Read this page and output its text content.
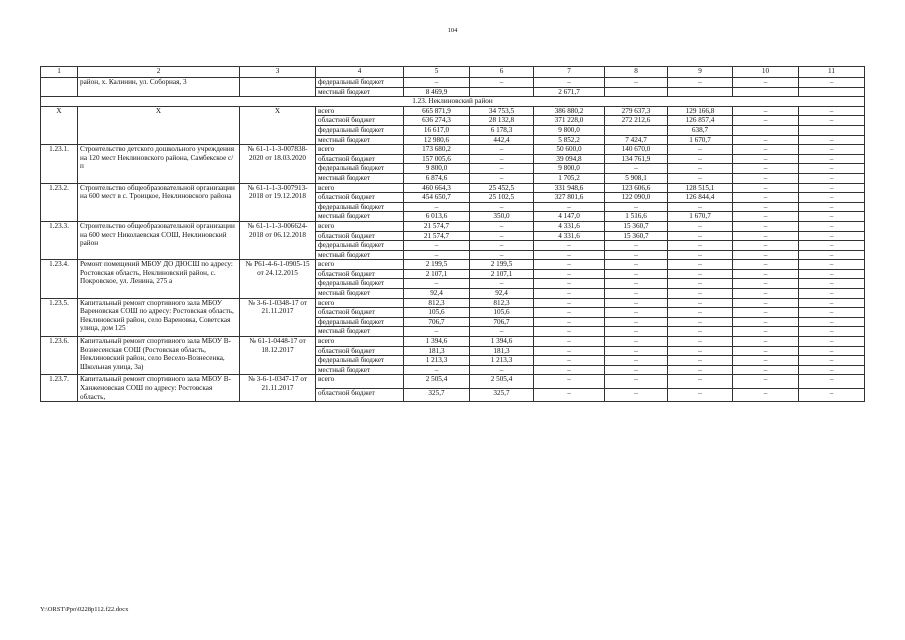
104
1	2	3	4	5	6	7	8	9	10	11
	район, х. Калинин, ул. Соборная, 3		федеральный бюджет	–	–	–	–	–	–	–
			местный бюджет	8 469,9		2 671,7				
1.23. Неклиновский район										
Х	Х	Х	всего	665 871,9	34 753,5	386 880,2	279 637,3	129 166,8	–	–
			областной бюджет	636 274,3	28 132,8	371 228,0	272 212,6	126 857,4	–	–
			федеральный бюджет	16 617,0	6 178,3	9 800,0		638,7		
			местный бюджет	12 980,6	442,4	5 852,2	7 424,7	1 670,7	–	–
1.23.1.	Строительство детского дошкольного учреждения на 120 мест Неклиновского района, Самбекское с/п	№ 61-1-1-3-007838-2020 от 18.03.2020	всего	173 680,2	–	50 600,0	140 670,0	–	–	–
			областной бюджет	157 005,6	–	39 094,8	134 761,9	–	–	–
			федеральный бюджет	9 800,0	–	9 800,0	–	–	–	–
			местный бюджет	6 874,6	–	1 705,2	5 908,1	–	–	–
1.23.2.	Строительство общеобразовательной организации на 600 мест в с. Троицкое, Неклиновского района	№ 61-1-1-3-007913-2018 от 19.12.2018	всего	460 664,3	25 452,5	331 948,6	123 606,6	128 515,1	–	–
			областной бюджет	454 650,7	25 102,5	327 801,6	122 090,0	126 844,4	–	–
			федеральный бюджет	–	–	–	–	–	–	–
			местный бюджет	6 013,6	350,0	4 147,0	1 516,6	1 670,7	–	–
1.23.3.	Строительство общеобразовательной организации на 600 мест Николаевская СОШ, Неклиновский район	№ 61-1-1-3-006624-2018 от 06.12.2018	всего	21 574,7	–	4 331,6	15 360,7	–	–	–
			областной бюджет	21 574,7	–	4 331,6	15 360,7	–	–	–
			федеральный бюджет	–	–	–	–	–	–	–
			местный бюджет	–	–	–	–	–	–	–
1.23.4.	Ремонт помещений МБОУ ДО ДЮСШ по адресу: Ростовская область, Неклиновский район, с. Покровское, ул. Ленина, 275 а	№ Р61-4-6-1-0905-15 от 24.12.2015	всего	2 199,5	2 199,5	–	–	–	–	–
			областной бюджет	2 107,1	2 107,1	–	–	–	–	–
			федеральный бюджет	–	–	–	–	–	–	–
			местный бюджет	92,4	92,4	–	–	–	–	–
1.23.5.	Капитальный ремонт спортивного зала МБОУ Вареновская СОШ по адресу: Ростовская область, Неклиновский район, село Вареновка, Советская улица, дом 125	№ 3-6-1-0348-17 от 21.11.2017	всего	812,3	812,3	–	–	–	–	–
			областной бюджет	105,6	105,6	–	–	–	–	–
			федеральный бюджет	706,7	706,7	–	–	–	–	–
			местный бюджет	–	–	–	–	–	–	–
1.23.6.	Капитальный ремонт спортивного зала МБОУ В-Вознесенская СОШ (Ростовская область, Неклиновский район, село Весело-Вознесенка, Школьная улица, 3а)	№ 61-1-0448-17 от 18.12.2017	всего	1 394,6	1 394,6	–	–	–	–	–
			областной бюджет	181,3	181,3	–	–	–	–	–
			федеральный бюджет	1 213,3	1 213,3	–	–	–	–	–
			местный бюджет	–	–	–	–	–	–	–
1.23.7.	Капитальный ремонт спортивного зала МБОУ В-Ханженовская СОШ по адресу: Ростовская область,	№ 3-6-1-0347-17 от 21.11.2017	всего	2 505,4	2 505,4	–	–	–	–	–
			областной бюджет	325,7	325,7	–	–	–	–	–
Y:\ORST\Ppo\0228p112.f22.docx
